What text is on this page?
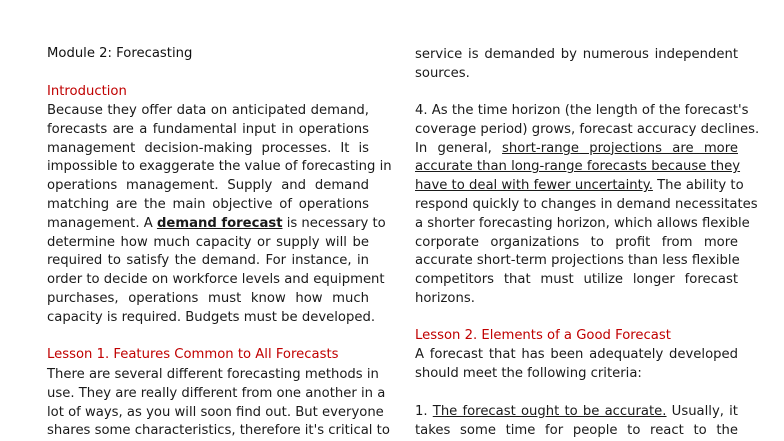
Module 2: Forecasting
Introduction
Because they offer data on anticipated demand,
forecasts are a fundamental input in operations
management decision-making processes. It is
impossible to exaggerate the value of forecasting in
operations management. Supply and demand
matching are the main objective of operations
management. A demand forecast is necessary to
determine how much capacity or supply will be
required to satisfy the demand. For instance, in
order to decide on workforce levels and equipment
purchases, operations must know how much
capacity is required. Budgets must be developed.
Lesson 1. Features Common to All Forecasts
There are several different forecasting methods in
use. They are really different from one another in a
lot of ways, as you will soon find out. But everyone
shares some characteristics, therefore it's critical to
service is demanded by numerous independent
sources.
4. As the time horizon (the length of the forecast's
coverage period) grows, forecast accuracy declines.
In general, short-range projections are more
accurate than long-range forecasts because they
have to deal with fewer uncertainty. The ability to
respond quickly to changes in demand necessitates
a shorter forecasting horizon, which allows flexible
corporate organizations to profit from more
accurate short-term projections than less flexible
competitors that must utilize longer forecast
horizons.
Lesson 2. Elements of a Good Forecast
A forecast that has been adequately developed
should meet the following criteria:
1. The forecast ought to be accurate. Usually, it
takes some time for people to react to the
